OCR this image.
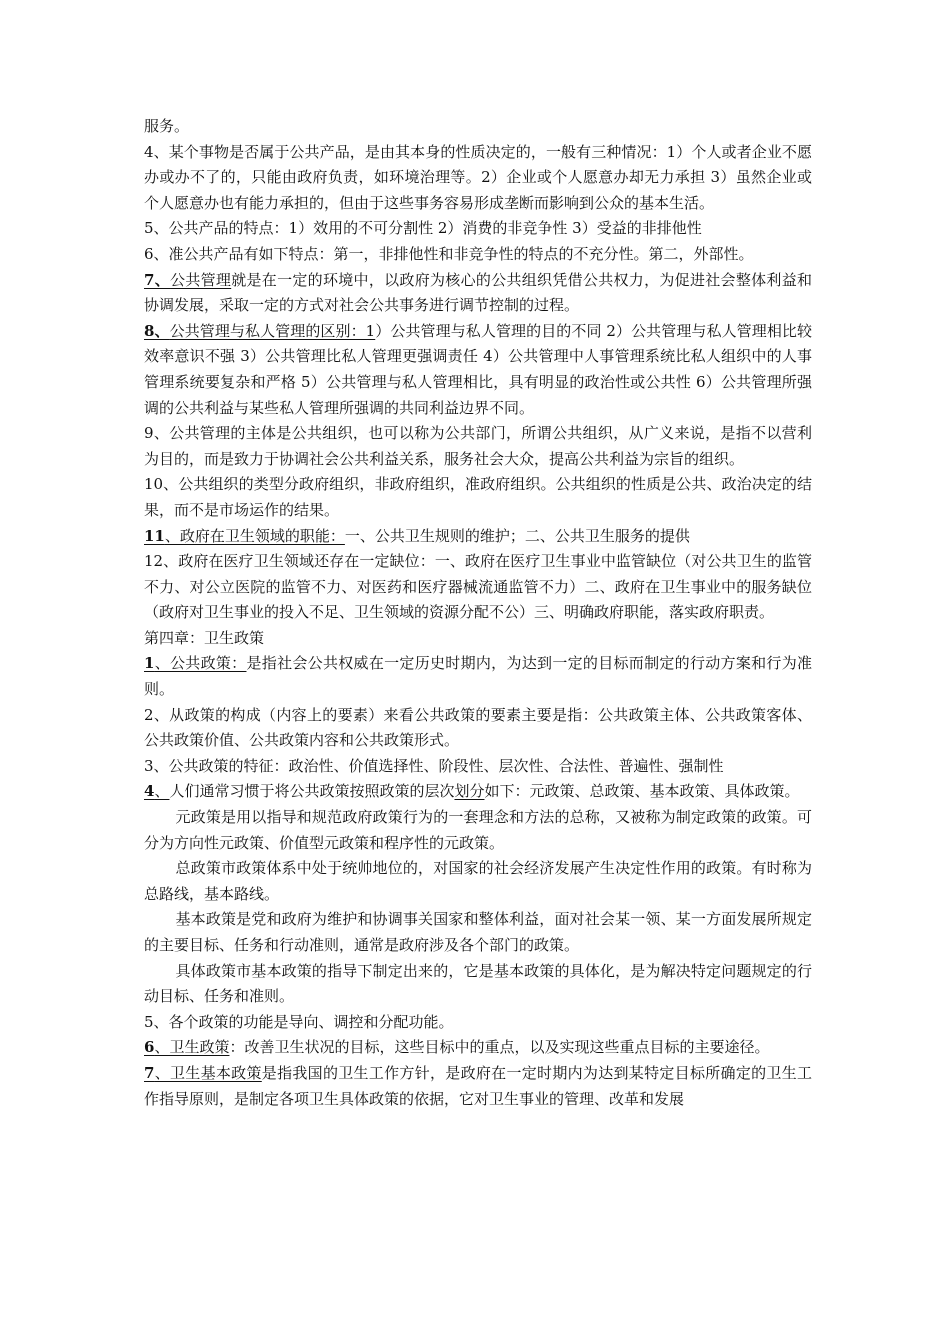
服务。

4、某个事物是否属于公共产品，是由其本身的性质决定的，一般有三种情况：1）个人或者企业不愿办或办不了的，只能由政府负责，如环境治理等。2）企业或个人愿意办却无力承担 3）虽然企业或个人愿意办也有能力承担的，但由于这些事务容易形成垄断而影响到公众的基本生活。

5、公共产品的特点：1）效用的不可分割性 2）消费的非竞争性 3）受益的非排他性

6、准公共产品有如下特点：第一，非排他性和非竞争性的特点的不充分性。第二，外部性。

7、公共管理就是在一定的环境中，以政府为核心的公共组织凭借公共权力，为促进社会整体利益和协调发展，采取一定的方式对社会公共事务进行调节控制的过程。

8、公共管理与私人管理的区别：1）公共管理与私人管理的目的不同 2）公共管理与私人管理相比较效率意识不强 3）公共管理比私人管理更强调责任 4）公共管理中人事管理系统比私人组织中的人事管理系统要复杂和严格 5）公共管理与私人管理相比，具有明显的政治性或公共性 6）公共管理所强调的公共利益与某些私人管理所强调的共同利益边界不同。

9、公共管理的主体是公共组织，也可以称为公共部门，所谓公共组织，从广义来说，是指不以营利为目的，而是致力于协调社会公共利益关系，服务社会大众，提高公共利益为宗旨的组织。

10、公共组织的类型分政府组织，非政府组织，准政府组织。公共组织的性质是公共、政治决定的结果，而不是市场运作的结果。

11、政府在卫生领域的职能：一、公共卫生规则的维护；二、公共卫生服务的提供

12、政府在医疗卫生领域还存在一定缺位：一、政府在医疗卫生事业中监管缺位（对公共卫生的监管不力、对公立医院的监管不力、对医药和医疗器械流通监管不力）二、政府在卫生事业中的服务缺位（政府对卫生事业的投入不足、卫生领域的资源分配不公）三、明确政府职能，落实政府职责。

第四章：卫生政策

1、公共政策：是指社会公共权威在一定历史时期内，为达到一定的目标而制定的行动方案和行为准则。

2、从政策的构成（内容上的要素）来看公共政策的要素主要是指：公共政策主体、公共政策客体、公共政策价值、公共政策内容和公共政策形式。

3、公共政策的特征：政治性、价值选择性、阶段性、层次性、合法性、普遍性、强制性

4、人们通常习惯于将公共政策按照政策的层次划分如下：元政策、总政策、基本政策、具体政策。

元政策是用以指导和规范政府政策行为的一套理念和方法的总称，又被称为制定政策的政策。可分为方向性元政策、价值型元政策和程序性的元政策。

总政策市政策体系中处于统帅地位的，对国家的社会经济发展产生决定性作用的政策。有时称为总路线，基本路线。

基本政策是党和政府为维护和协调事关国家和整体利益，面对社会某一领、某一方面发展所规定的主要目标、任务和行动准则，通常是政府涉及各个部门的政策。

具体政策市基本政策的指导下制定出来的，它是基本政策的具体化，是为解决特定问题规定的行动目标、任务和准则。

5、各个政策的功能是导向、调控和分配功能。

6、卫生政策：改善卫生状况的目标，这些目标中的重点，以及实现这些重点目标的主要途径。

7、卫生基本政策是指我国的卫生工作方针，是政府在一定时期内为达到某特定目标所确定的卫生工作指导原则，是制定各项卫生具体政策的依据，它对卫生事业的管理、改革和发展
